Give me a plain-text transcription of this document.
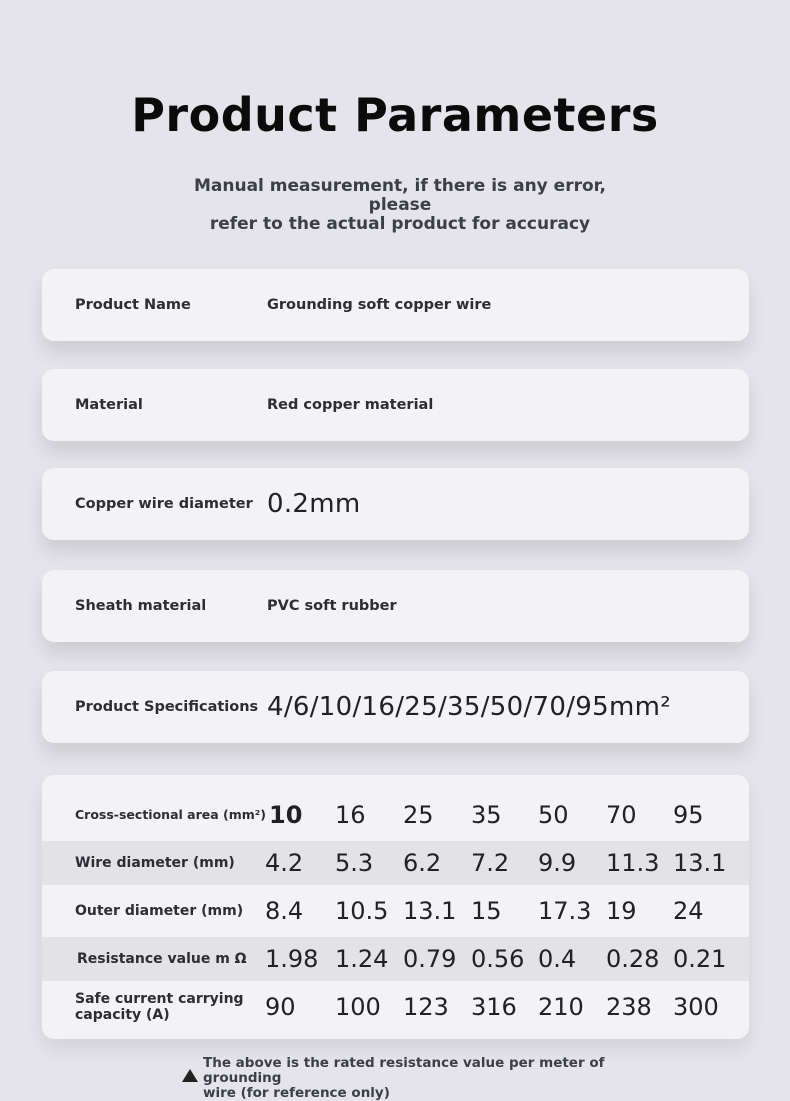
Product Parameters
Manual measurement, if there is any error, please
refer to the actual product for accuracy
Product Name	Grounding soft copper wire
Material	Red copper material
Copper wire diameter 0.2mm
Sheath material	PVC soft rubber
Product Specifications 4/6/10/16/25/35/50/70/95mm²
Cross-sectional area (mm²) 10 16 25 35 50 70 95
Wire diameter (mm) 4.2 5.3 6.2 7.2 9.9 11.3 13.1
Outer diameter (mm) 8.4 10.5 13.1 15 17.3 19 24
Resistance value m Ω 1.98 1.24 0.79 0.56 0.4 0.28 0.21
Safe current carrying
capacity (A)	90 100 123 316 210 238 300
The above is the rated resistance value per meter of grounding
wire (for reference only)
